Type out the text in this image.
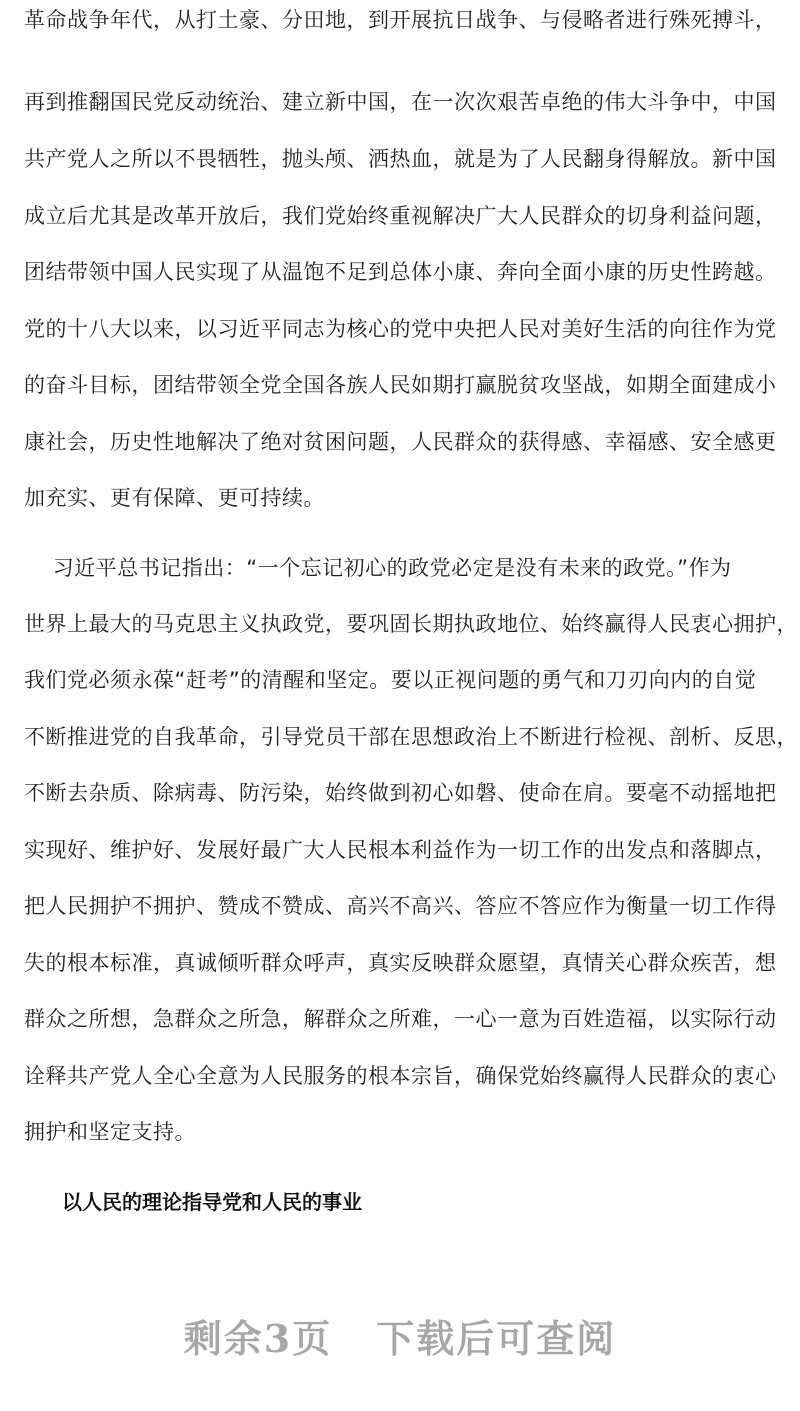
革命战争年代，从打土豪、分田地，到开展抗日战争、与侵略者进行殊死搏斗，
再到推翻国民党反动统治、建立新中国，在一次次艰苦卓绝的伟大斗争中，中国
共产党人之所以不畏牺牲，抛头颅、洒热血，就是为了人民翻身得解放。新中国
成立后尤其是改革开放后，我们党始终重视解决广大人民群众的切身利益问题，
团结带领中国人民实现了从温饱不足到总体小康、奔向全面小康的历史性跨越。
党的十八大以来，以习近平同志为核心的党中央把人民对美好生活的向往作为党
的奋斗目标，团结带领全党全国各族人民如期打赢脱贫攻坚战，如期全面建成小
康社会，历史性地解决了绝对贫困问题，人民群众的获得感、幸福感、安全感更
加充实、更有保障、更可持续。
习近平总书记指出：“一个忘记初心的政党必定是没有未来的政党。”作为
世界上最大的马克思主义执政党，要巩固长期执政地位、始终赢得人民衷心拥护，
我们党必须永葆“赶考”的清醒和坚定。要以正视问题的勇气和刀刃向内的自觉
不断推进党的自我革命，引导党员干部在思想政治上不断进行检视、剖析、反思，
不断去杂质、除病毒、防污染，始终做到初心如磐、使命在肩。要毫不动摇地把
实现好、维护好、发展好最广大人民根本利益作为一切工作的出发点和落脚点，
把人民拥护不拥护、赞成不赞成、高兴不高兴、答应不答应作为衡量一切工作得
失的根本标准，真诚倾听群众呼声，真实反映群众愿望，真情关心群众疾苦，想
群众之所想，急群众之所急，解群众之所难，一心一意为百姓造福，以实际行动
诠释共产党人全心全意为人民服务的根本宗旨，确保党始终赢得人民群众的衷心
拥护和坚定支持。
以人民的理论指导党和人民的事业
剩余3页 下载后可查阅
